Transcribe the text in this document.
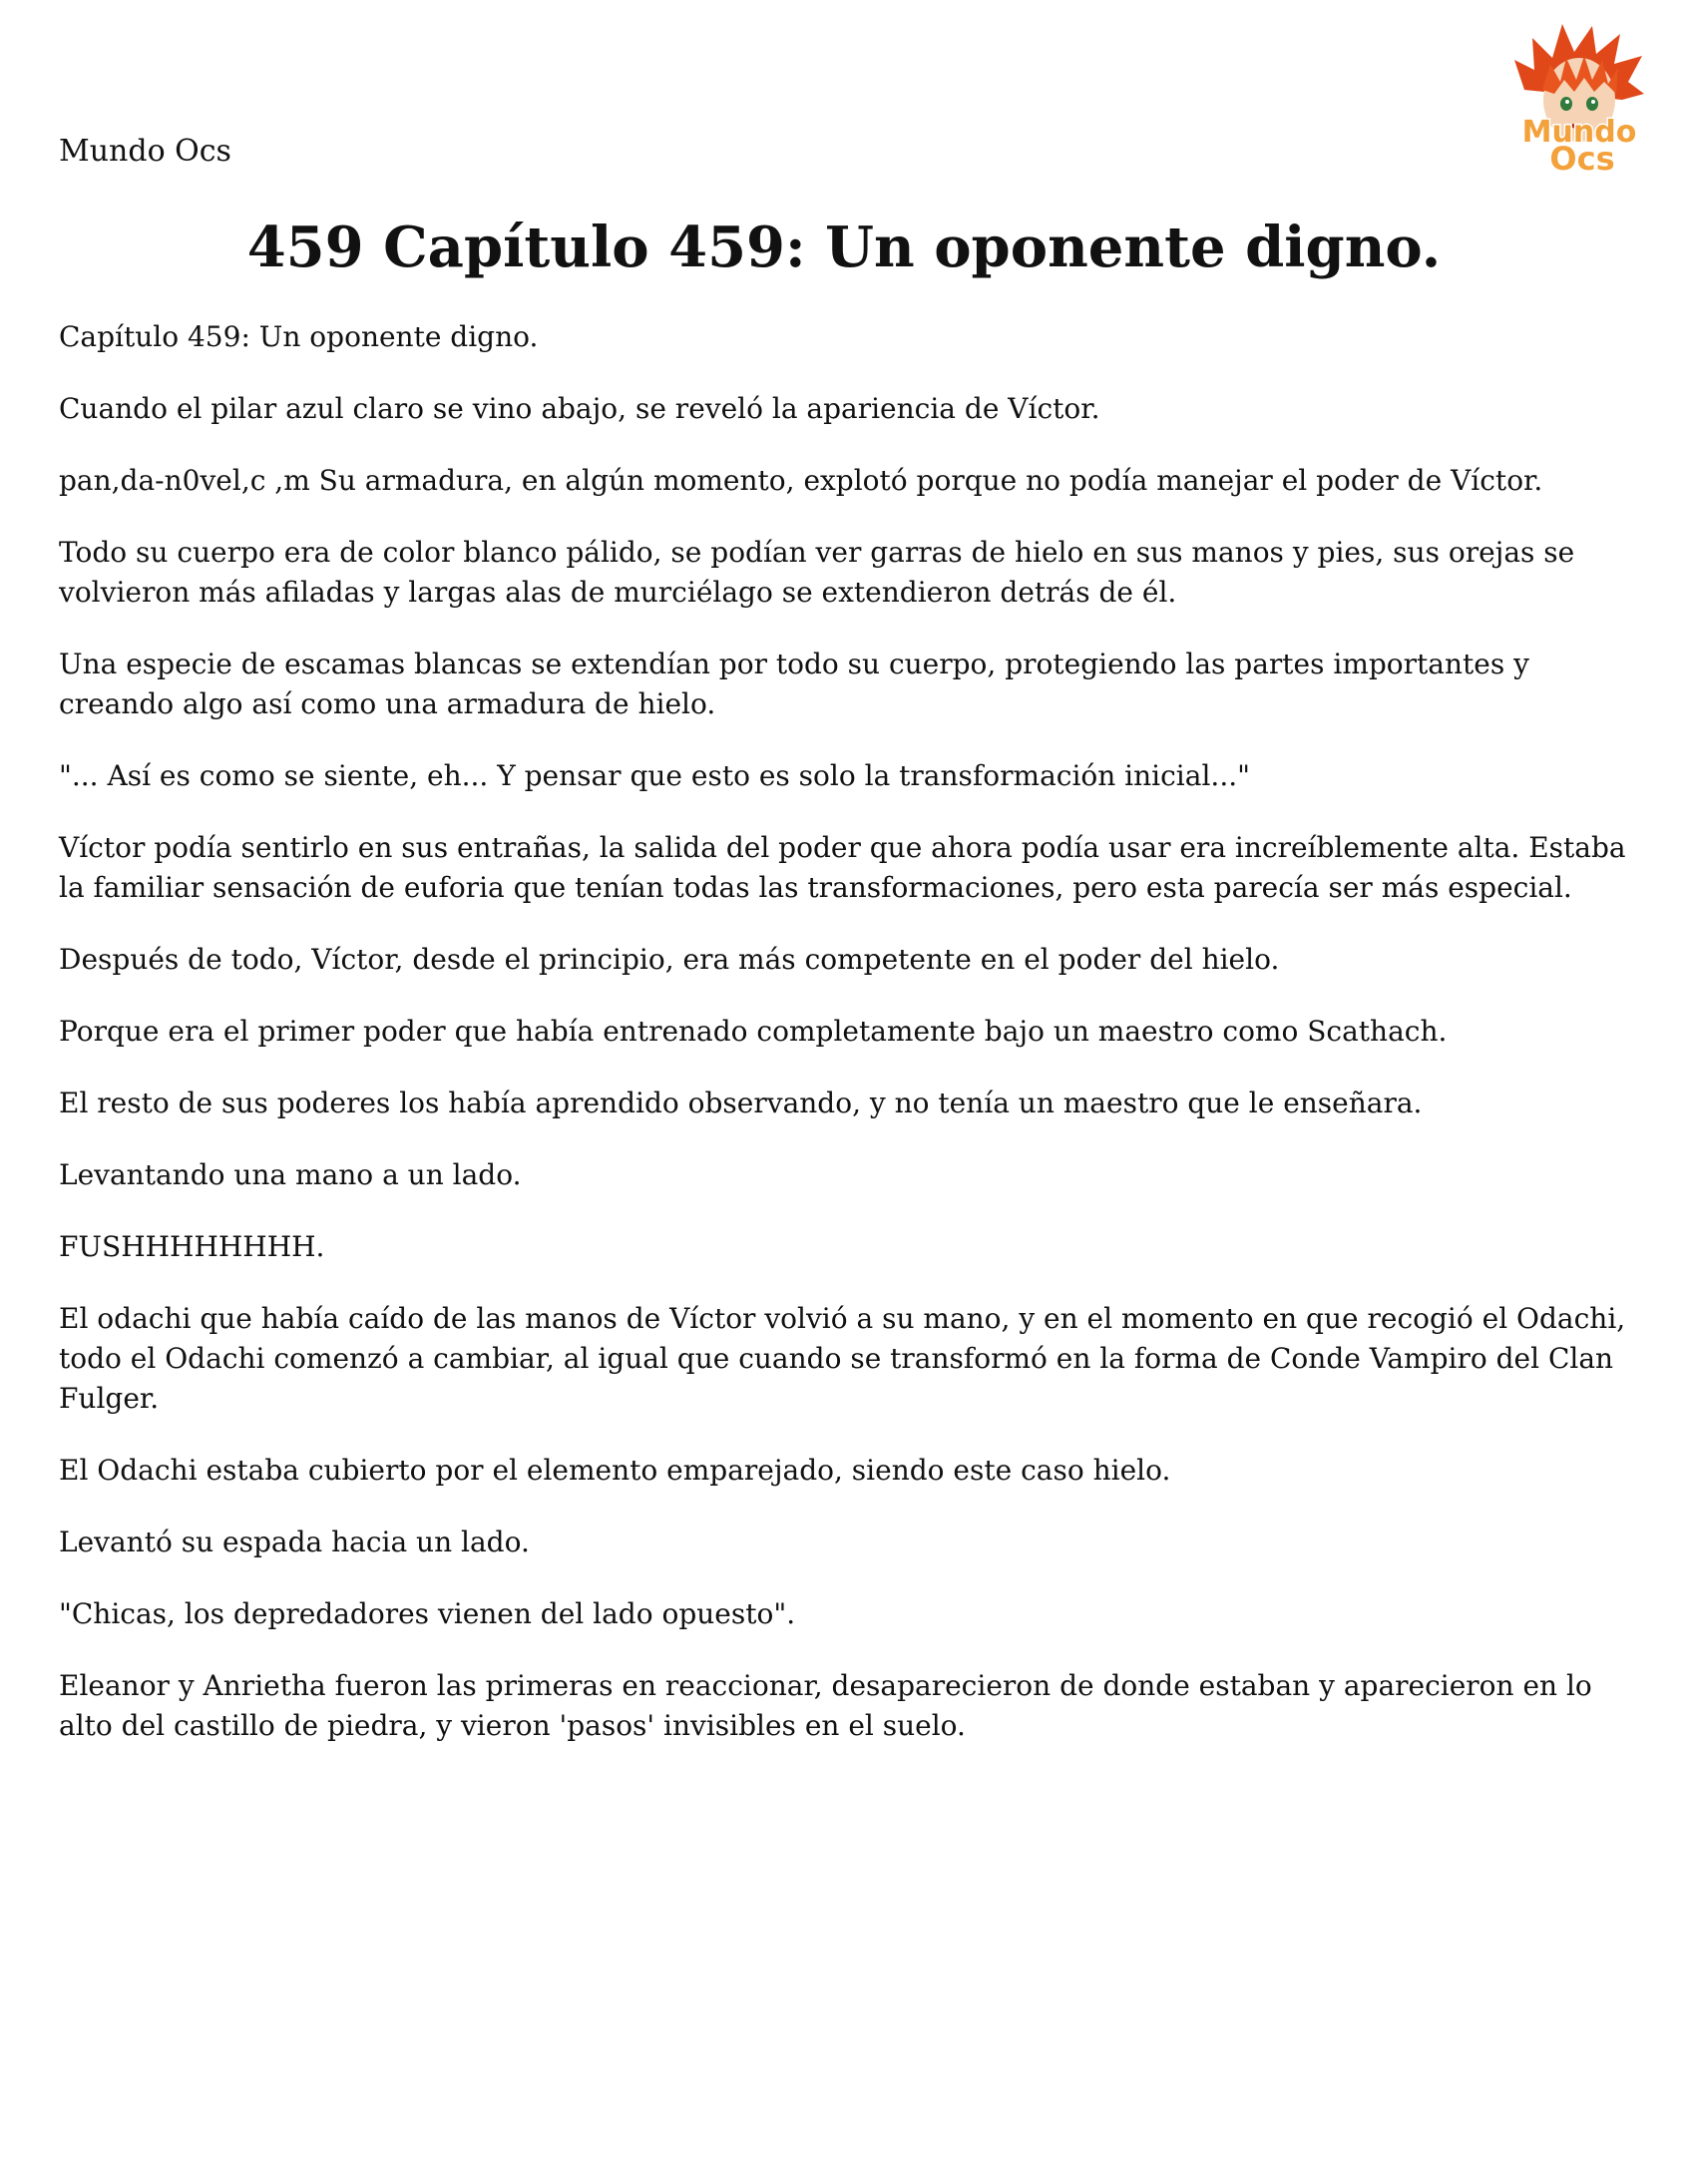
Mundo Ocs
Mundo
Ocs
459 Capítulo 459: Un oponente digno.

Capítulo 459: Un oponente digno.

Cuando el pilar azul claro se vino abajo, se reveló la apariencia de Víctor.

pan,da-n0vel,c ,m Su armadura, en algún momento, explotó porque no podía manejar el poder de Víctor.

Todo su cuerpo era de color blanco pálido, se podían ver garras de hielo en sus manos y pies, sus orejas se volvieron más afiladas y largas alas de murciélago se extendieron detrás de él.

Una especie de escamas blancas se extendían por todo su cuerpo, protegiendo las partes importantes y creando algo así como una armadura de hielo.

"... Así es como se siente, eh... Y pensar que esto es solo la transformación inicial..."

Víctor podía sentirlo en sus entrañas, la salida del poder que ahora podía usar era increíblemente alta. Estaba la familiar sensación de euforia que tenían todas las transformaciones, pero esta parecía ser más especial.

Después de todo, Víctor, desde el principio, era más competente en el poder del hielo.

Porque era el primer poder que había entrenado completamente bajo un maestro como Scathach.

El resto de sus poderes los había aprendido observando, y no tenía un maestro que le enseñara.

Levantando una mano a un lado.

FUSHHHHHHHH.

El odachi que había caído de las manos de Víctor volvió a su mano, y en el momento en que recogió el Odachi, todo el Odachi comenzó a cambiar, al igual que cuando se transformó en la forma de Conde Vampiro del Clan Fulger.

El Odachi estaba cubierto por el elemento emparejado, siendo este caso hielo.

Levantó su espada hacia un lado.

"Chicas, los depredadores vienen del lado opuesto".

Eleanor y Anrietha fueron las primeras en reaccionar, desaparecieron de donde estaban y aparecieron en lo alto del castillo de piedra, y vieron 'pasos' invisibles en el suelo.
